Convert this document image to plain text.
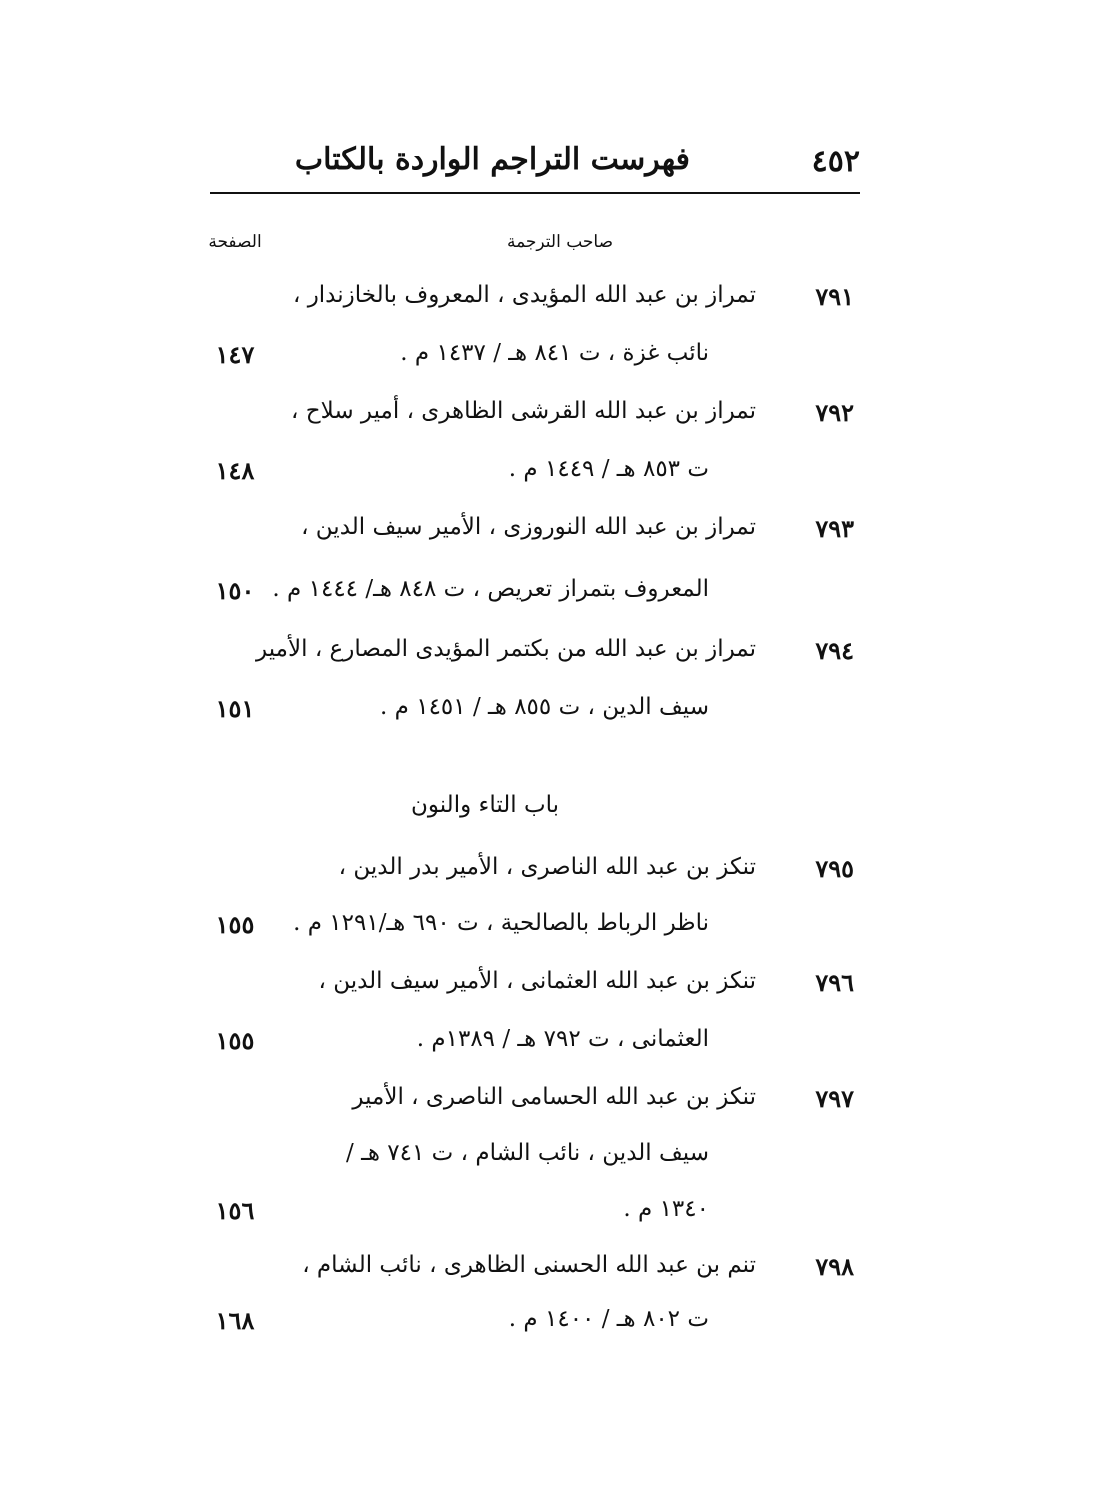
٤٥٢
فهرست التراجم الواردة بالكتاب
صاحب الترجمة
الصفحة
٧٩١
تمراز بن عبد الله المؤيدى ، المعروف بالخازندار ،
نائب غزة ، ت ٨٤١ هـ / ١٤٣٧ م .
١٤٧
٧٩٢
تمراز بن عبد الله القرشى الظاهرى ، أمير سلاح ،
ت ٨٥٣ هـ / ١٤٤٩ م .
١٤٨
٧٩٣
تمراز بن عبد الله النوروزى ، الأمير سيف الدين ،
المعروف بتمراز تعريص ، ت ٨٤٨ هـ/ ١٤٤٤ م .
١٥٠
٧٩٤
تمراز بن عبد الله من بكتمر المؤيدى المصارع ، الأمير
سيف الدين ، ت ٨٥٥ هـ / ١٤٥١ م .
١٥١
باب التاء والنون
٧٩٥
تنكز بن عبد الله الناصرى ، الأمير بدر الدين ،
ناظر الرباط بالصالحية ، ت ٦٩٠ هـ/١٢٩١ م .
١٥٥
٧٩٦
تنكز بن عبد الله العثمانى ، الأمير سيف الدين ،
العثمانى ، ت ٧٩٢ هـ / ١٣٨٩م .
١٥٥
٧٩٧
تنكز بن عبد الله الحسامى الناصرى ، الأمير
سيف الدين ، نائب الشام ، ت ٧٤١ هـ /
١٣٤٠ م .
١٥٦
٧٩٨
تنم بن عبد الله الحسنى الظاهرى ، نائب الشام ،
ت ٨٠٢ هـ / ١٤٠٠ م .
١٦٨
